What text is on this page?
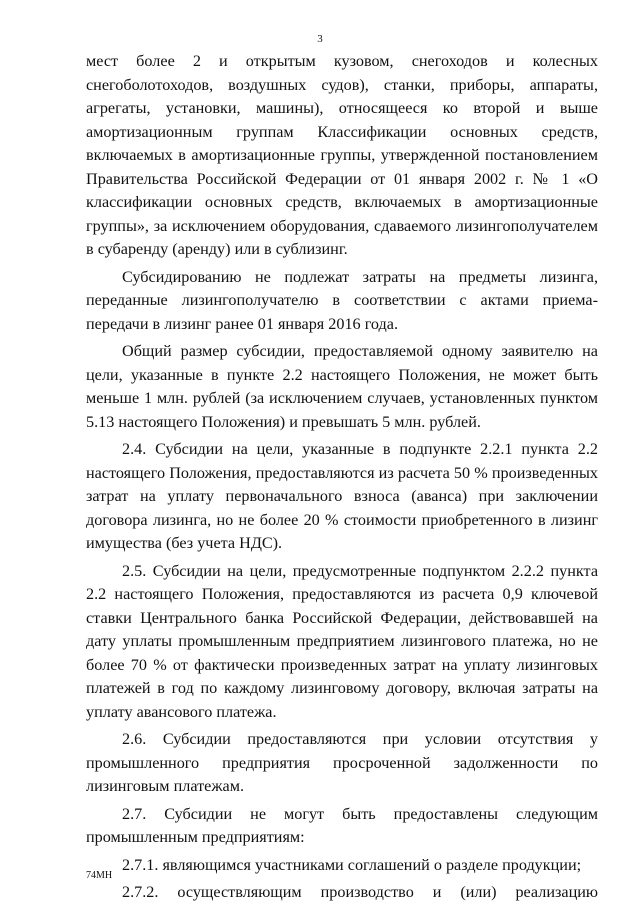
3

мест более 2 и открытым кузовом, снегоходов и колесных снегоболотоходов, воздушных судов), станки, приборы, аппараты, агрегаты, установки, машины), относящееся ко второй и выше амортизационным группам Классификации основных средств, включаемых в амортизационные группы, утвержденной постановлением Правительства Российской Федерации от 01 января 2002 г. № 1 «О классификации основных средств, включаемых в амортизационные группы», за исключением оборудования, сдаваемого лизингополучателем в субаренду (аренду) или в сублизинг.

Субсидированию не подлежат затраты на предметы лизинга, переданные лизингополучателю в соответствии с актами приема-передачи в лизинг ранее 01 января 2016 года.

Общий размер субсидии, предоставляемой одному заявителю на цели, указанные в пункте 2.2 настоящего Положения, не может быть меньше 1 млн. рублей (за исключением случаев, установленных пунктом 5.13 настоящего Положения) и превышать 5 млн. рублей.

2.4. Субсидии на цели, указанные в подпункте 2.2.1 пункта 2.2 настоящего Положения, предоставляются из расчета 50 % произведенных затрат на уплату первоначального взноса (аванса) при заключении договора лизинга, но не более 20 % стоимости приобретенного в лизинг имущества (без учета НДС).

2.5. Субсидии на цели, предусмотренные подпунктом 2.2.2 пункта 2.2 настоящего Положения, предоставляются из расчета 0,9 ключевой ставки Центрального банка Российской Федерации, действовавшей на дату уплаты промышленным предприятием лизингового платежа, но не более 70 % от фактически произведенных затрат на уплату лизинговых платежей в год по каждому лизинговому договору, включая затраты на уплату авансового платежа.

2.6. Субсидии предоставляются при условии отсутствия у промышленного предприятия просроченной задолженности по лизинговым платежам.

2.7. Субсидии не могут быть предоставлены следующим промышленным предприятиям:

2.7.1. являющимся участниками соглашений о разделе продукции;

2.7.2. осуществляющим производство и (или) реализацию

74МН
